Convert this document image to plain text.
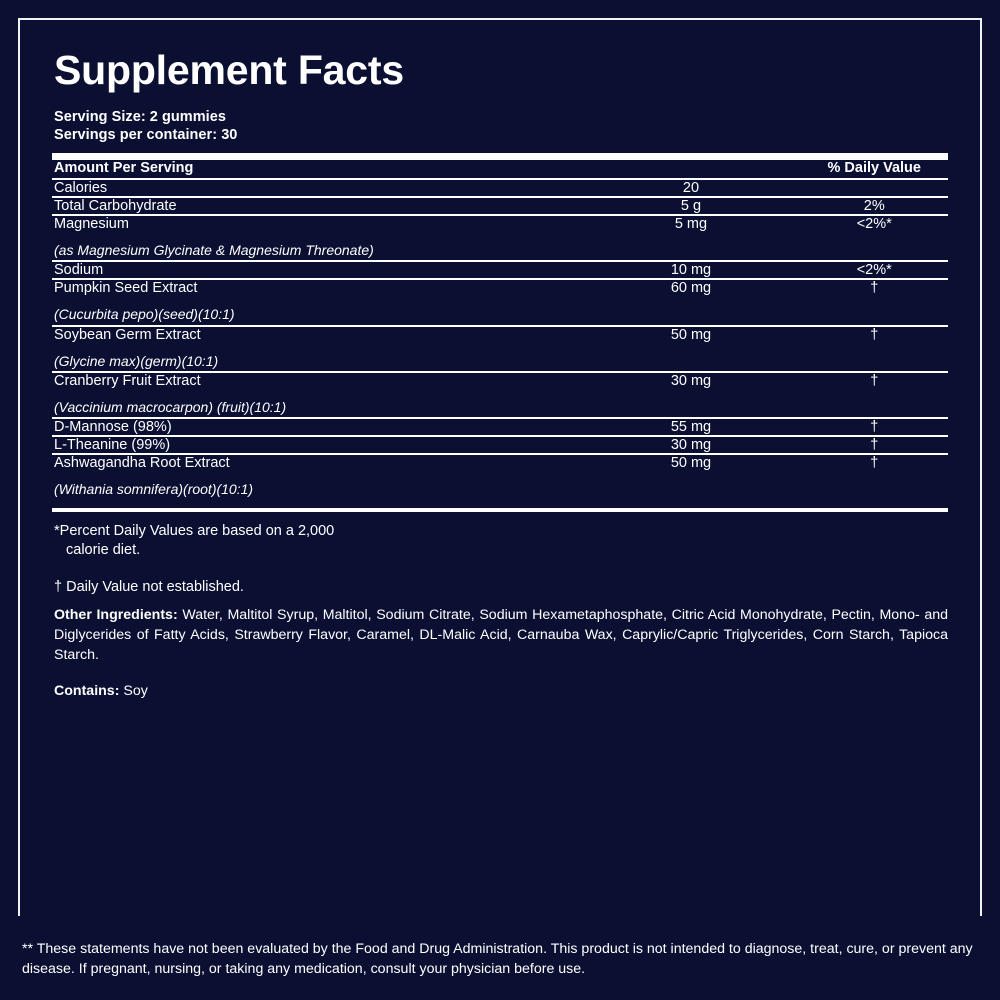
Supplement Facts
Serving Size: 2 gummies
Servings per container: 30
Amount Per Serving		% Daily Value
Calories	20	
Total Carbohydrate	5 g	2%
Magnesium
(as Magnesium Glycinate & Magnesium Threonate)	5 mg	<2%*
Sodium	10 mg	<2%*
Pumpkin Seed Extract
(Cucurbita pepo)(seed)(10:1)	60 mg	†
Soybean Germ Extract
(Glycine max)(germ)(10:1)	50 mg	†
Cranberry Fruit Extract
(Vaccinium macrocarpon) (fruit)(10:1)	30 mg	†
D-Mannose (98%)	55 mg	†
L-Theanine (99%)	30 mg	†
Ashwagandha Root Extract
(Withania somnifera)(root)(10:1)	50 mg	†
*Percent Daily Values are based on a 2,000
calorie diet.
† Daily Value not established.
Other Ingredients: Water, Maltitol Syrup, Maltitol, Sodium Citrate, Sodium Hexametaphosphate, Citric Acid Monohydrate, Pectin, Mono- and Diglycerides of Fatty Acids, Strawberry Flavor, Caramel, DL-Malic Acid, Carnauba Wax, Caprylic/Capric Triglycerides, Corn Starch, Tapioca Starch.
Contains: Soy
** These statements have not been evaluated by the Food and Drug Administration. This product is not intended to diagnose, treat, cure, or prevent any disease. If pregnant, nursing, or taking any medication, consult your physician before use.
